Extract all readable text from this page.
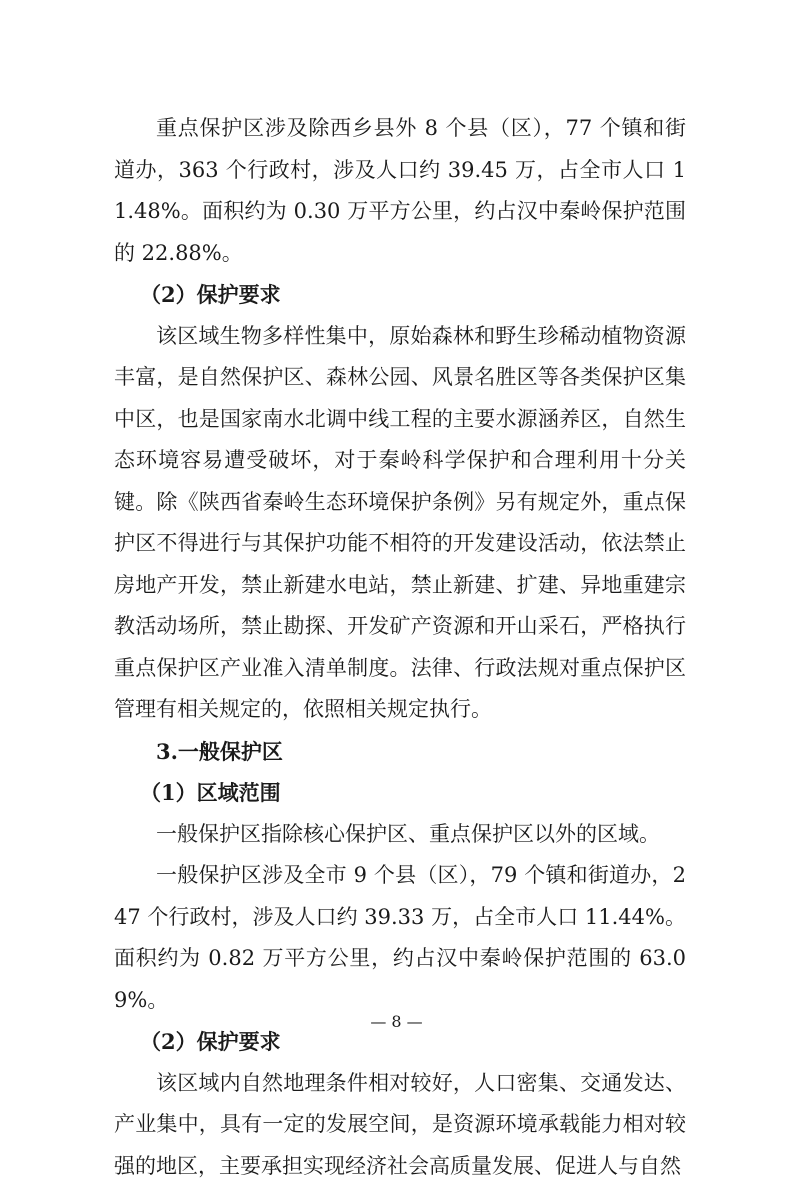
重点保护区涉及除西乡县外 8 个县（区），77 个镇和街道办，363 个行政村，涉及人口约 39.45 万，占全市人口 11.48%。面积约为 0.30 万平方公里，约占汉中秦岭保护范围的 22.88%。

（2）保护要求

该区域生物多样性集中，原始森林和野生珍稀动植物资源丰富，是自然保护区、森林公园、风景名胜区等各类保护区集中区，也是国家南水北调中线工程的主要水源涵养区，自然生态环境容易遭受破坏，对于秦岭科学保护和合理利用十分关键。除《陕西省秦岭生态环境保护条例》另有规定外，重点保护区不得进行与其保护功能不相符的开发建设活动，依法禁止房地产开发，禁止新建水电站，禁止新建、扩建、异地重建宗教活动场所，禁止勘探、开发矿产资源和开山采石，严格执行重点保护区产业准入清单制度。法律、行政法规对重点保护区管理有相关规定的，依照相关规定执行。

3.一般保护区

（1）区域范围

一般保护区指除核心保护区、重点保护区以外的区域。

一般保护区涉及全市 9 个县（区），79 个镇和街道办，247 个行政村，涉及人口约 39.33 万，占全市人口 11.44%。面积约为 0.82 万平方公里，约占汉中秦岭保护范围的 63.09%。

（2）保护要求

该区域内自然地理条件相对较好，人口密集、交通发达、产业集中，具有一定的发展空间，是资源环境承载能力相对较强的地区，主要承担实现经济社会高质量发展、促进人与自然

— 8 —
